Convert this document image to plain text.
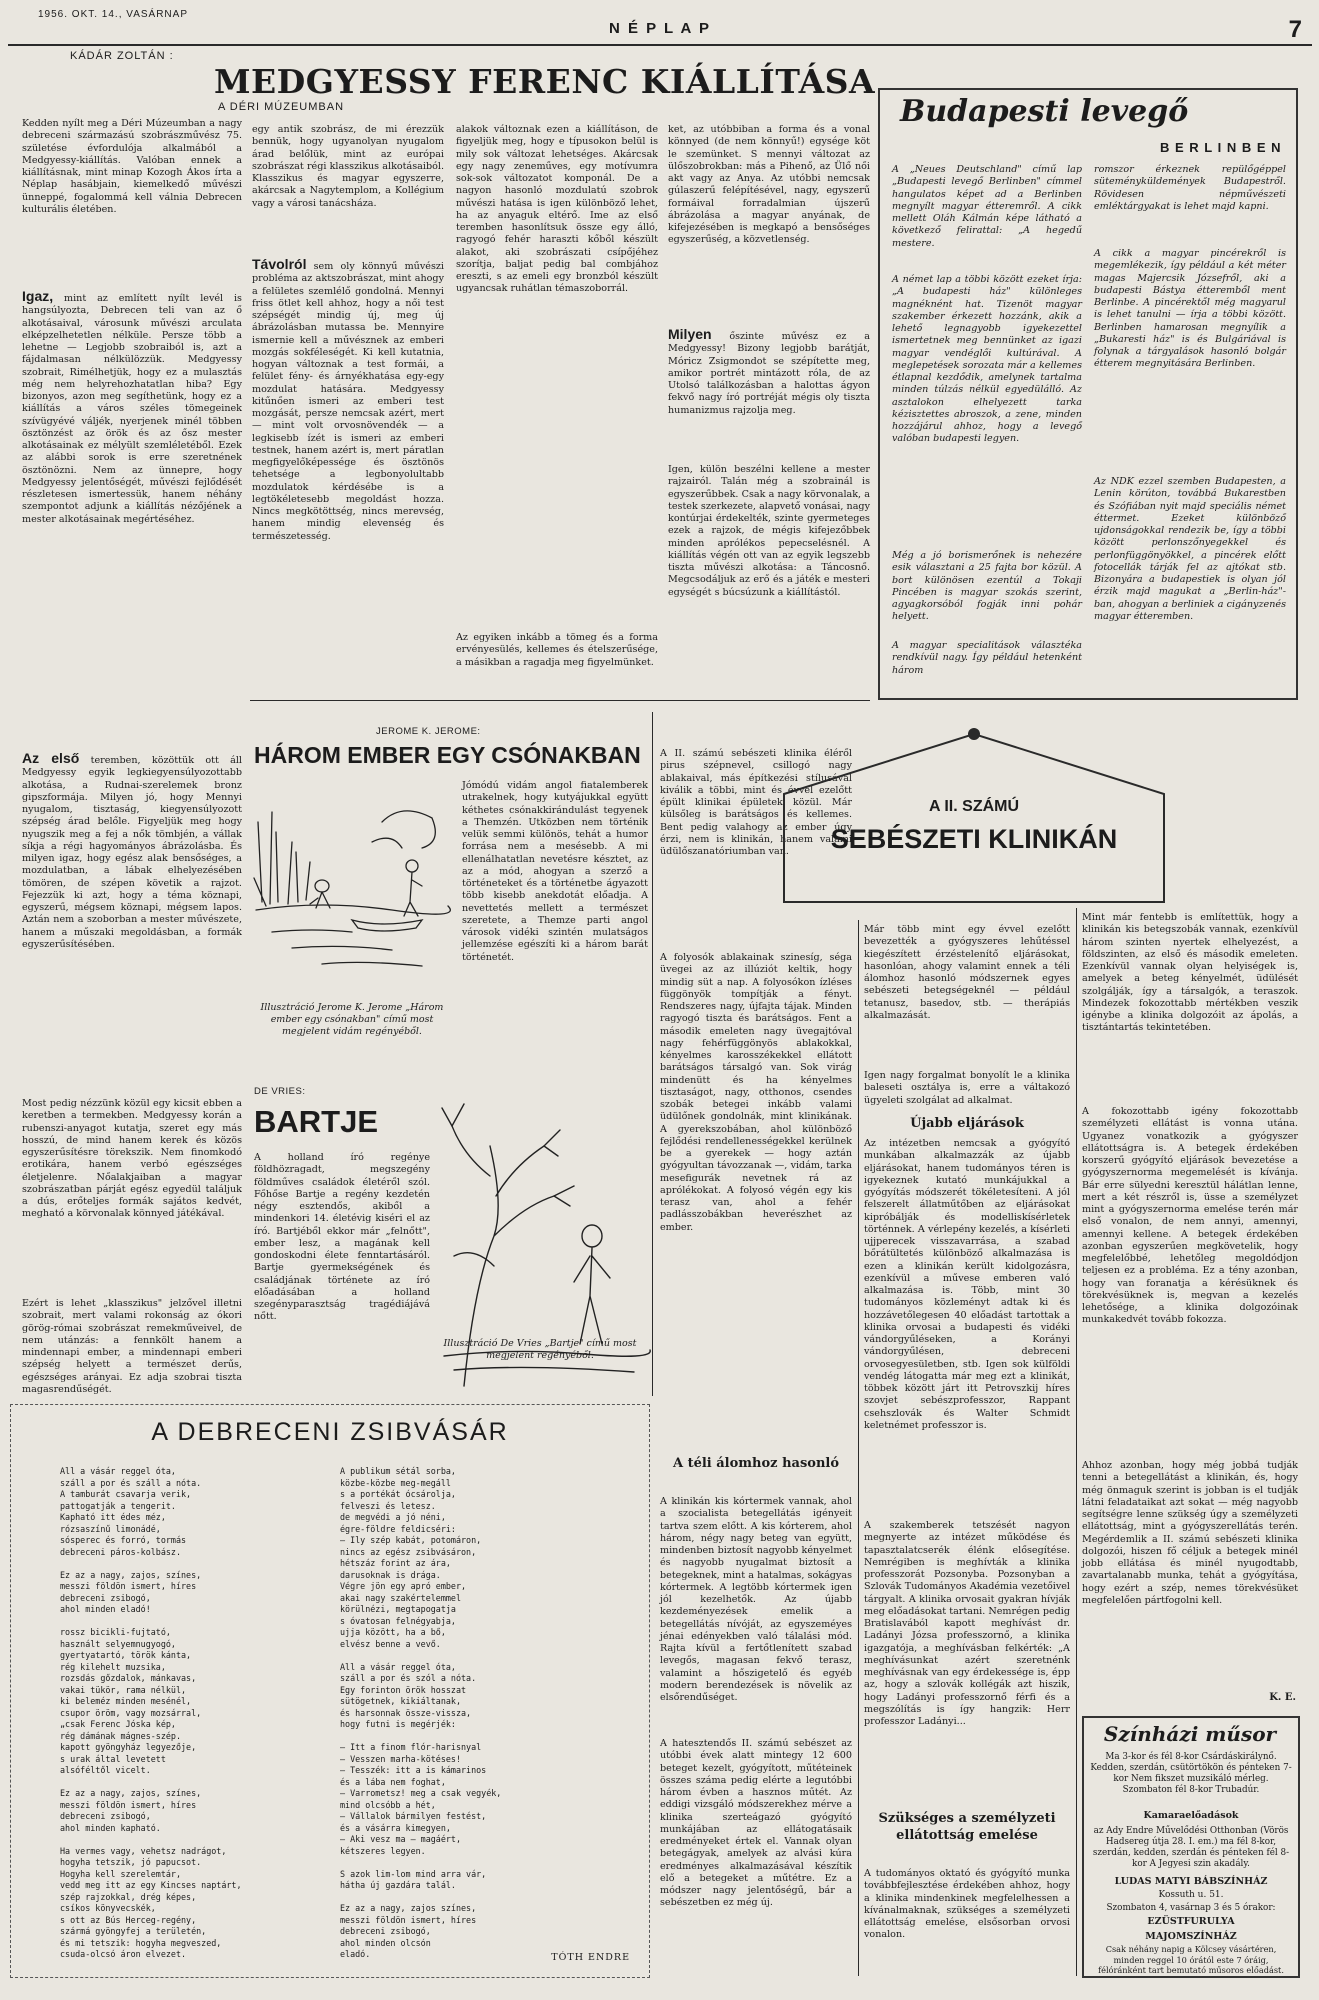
1956. OKT. 14., VASÁRNAP
N É P L A P	7
KÁDÁR ZOLTÁN :
MEDGYESSY FERENC KIÁLLÍTÁSA
A DÉRI MÚZEUMBAN
Kedden nyílt meg a Déri Múzeumban a nagy debreceni származású szobrászművész 75. születése évfordulója alkalmából a Medgyessy-kiállítás. Valóban ennek a kiállításnak, mint minap Kozogh Ákos írta a Néplap hasábjain, kiemelkedő művészi ünneppé, fogalommá kell válnia Debrecen kulturális életében.
Igaz, mint az említett nyílt levél is hangsúlyozta, Debrecen teli van az ő alkotásaival, városunk művészi arculata elképzelhetetlen nélküle. Persze több a lehetne — Legjobb szobraiból is, azt a fájdalmasan nélkülözzük. Medgyessy szobrait, Rimélhetjük, hogy ez a mulasztás még nem helyrehozhatatlan hiba? Egy bizonyos, azon meg segíthetünk, hogy ez a kiállítás a város széles tömegeinek szívügyévé váljék, nyerjenek minél többen ösztönzést az örök és az ősz mester alkotásainak ez mélyült szemléletéből. Ezek az alábbi sorok is erre szeretnének ösztönözni. Nem az ünnepre, hogy Medgyessy jelentőségét, művészi fejlődését részletesen ismertessük, hanem néhány szempontot adjunk a kiállítás nézőjének a mester alkotásainak megértéséhez.
Az első teremben, közöttük ott áll Medgyessy egyik legkiegyensúlyozottabb alkotása, a Rudnai-szerelemek bronz gipszformája. Milyen jó, hogy Mennyi nyugalom, tisztaság, kiegyensúlyozott szépség árad belőle. Figyeljük meg hogy nyugszik meg a fej a nők tömbjén, a vállak síkja a régi hagyományos ábrázolásba. És milyen igaz, hogy egész alak bensőséges, a mozdulatban, a lábak elhelyezésében tömören, de szépen követik a rajzot. Fejezzük ki azt, hogy a téma köznapi, egyszerű, mégsem köznapi, mégsem lapos. Aztán nem a szoborban a mester művészete, hanem a műszaki megoldásban, a formák egyszerűsítésében.
Most pedig nézzünk közül egy kicsit ebben a keretben a termekben. Medgyessy korán a rubenszi-anyagot kutatja, szeret egy más hosszú, de mind hanem kerek és közös egyszerűsítésre törekszik. Nem finomkodó erotikára, hanem verbó egészséges életjelenre. Nőalakjaiban a magyar szobrászatban párját egész egyedül találjuk a dús, erőteljes formák sajátos kedvét, megható a körvonalak könnyed játékával.
Ezért is lehet „klasszikus" jelzővel illetni szobrait, mert valami rokonság az ókori görög-római szobrászat remekműveivel, de nem utánzás: a fennkölt hanem a mindennapi ember, a mindennapi emberi szépség helyett a természet derűs, egészséges arányai. Ez adja szobrai tiszta magasrendűségét.
egy antik szobrász, de mi érezzük bennük, hogy ugyanolyan nyugalom árad belőlük, mint az európai szobrászat régi klasszikus alkotásaiból. Klasszikus és magyar egyszerre, akárcsak a Nagytemplom, a Kollégium vagy a városi tanácsháza.
Távolról sem oly könnyű művészi probléma az aktszobrászat, mint ahogy a felületes szemlélő gondolná. Mennyi friss ötlet kell ahhoz, hogy a női test szépségét mindig új, meg új ábrázolásban mutassa be. Mennyire ismernie kell a művésznek az emberi mozgás sokféleségét. Ki kell kutatnia, hogyan változnak a test formái, a felület fény- és árnyékhatása egy-egy mozdulat hatására. Medgyessy kitűnően ismeri az emberi test mozgását, persze nemcsak azért, mert — mint volt orvosnövendék — a legkisebb ízét is ismeri az emberi testnek, hanem azért is, mert páratlan megfigyelőképessége és ösztönös tehetsége a legbonyolultabb mozdulatok kérdésébe is a legtökéletesebb megoldást hozza. Nincs megkötöttség, nincs merevség, hanem mindig elevenség és természetesség.
alakok változnak ezen a kiállításon, de figyeljük meg, hogy e típusokon belül is mily sok változat lehetséges. Akárcsak egy nagy zeneműves, egy motívumra sok-sok változatot komponál. De a nagyon hasonló mozdulatú szobrok művészi hatása is igen különböző lehet, ha az anyaguk eltérő. Ime az első teremben hasonlítsuk össze egy álló, ragyogó fehér haraszti kőből készült alakot, aki szobrászati csípőjéhez szorítja, baljat pedig bal combjához ereszti, s az emeli egy bronzból készült ugyancsak ruhátlan témaszoborrál.
Az egyiken inkább a tömeg és a forma ervényesülés, kellemes és ételszerűsége, a másikban a ragadja meg figyelmünket.
ket, az utóbbiban a forma és a vonal könnyed (de nem könnyű!) egysége köt le szemünket. S mennyi változat az ülőszobrokban: más a Pihenő, az Ülő női akt vagy az Anya. Az utóbbi nemcsak gúlaszerű felépítésével, nagy, egyszerű formáival forradalmian újszerű ábrázolása a magyar anyának, de kifejezésében is megkapó a bensőséges egyszerűség, a közvetlenség.
Milyen őszinte művész ez a Medgyessy! Bizony legjobb barátját, Móricz Zsigmondot se szépítette meg, amikor portrét mintázott róla, de az Utolsó találkozásban a halottas ágyon fekvő nagy író portréját mégis oly tiszta humanizmus rajzolja meg.
Igen, külön beszélni kellene a mester rajzairól. Talán még a szobrainál is egyszerűbbek. Csak a nagy körvonalak, a testek szerkezete, alapvető vonásai, nagy kontúrjai érdekelték, szinte gyermeteges ezek a rajzok, de mégis kifejezőbbek minden aprólékos pepecselésnél. A kiállítás végén ott van az egyik legszebb tiszta művészi alkotása: a Táncosnő. Megcsodáljuk az erő és a játék e mesteri egységét s búcsúzunk a kiállítástól.
Budapesti levegő
B E R L I N B E N
A „Neues Deutschland" című lap „Budapesti levegő Berlinben" címmel hangulatos képet ad a Berlinben megnyílt magyar étteremről. A cikk mellett Oláh Kálmán képe látható a következő felirattal: „A hegedű mestere.
A német lap a többi között ezeket írja: „A budapesti ház" különleges magnéknént hat. Tizenöt magyar szakember érkezett hozzánk, akik a lehető legnagyobb igyekezettel ismertetnek meg bennünket az igazi magyar vendéglői kultúrával. A meglepetések sorozata már a kellemes étlapnal kezdődik, amelynek tartalma minden túlzás nélkül egyedülálló. Az asztalokon elhelyezett tarka kézisztettes abroszok, a zene, minden hozzájárul ahhoz, hogy a levegő valóban budapesti legyen.
Még a jó borismerőnek is nehezére esik választani a 25 fajta bor közül. A bort különösen ezentúl a Tokaji Pincében is magyar szokás szerint, agyagkorsóból fogják inni pohár helyett.
A magyar specialitások választéka rendkívül nagy. Így például hetenként három
romszor érkeznek repülőgéppel süteményküldemények Budapestről. Rövidesen népművészeti emléktárgyakat is lehet majd kapni.
A cikk a magyar pincérekről is megemlékezik, így például a két méter magas Majercsik Józsefről, aki a budapesti Bástya étteremből ment Berlinbe. A pincérektől még magyarul is lehet tanulni — írja a többi között. Berlinben hamarosan megnyílik a „Bukaresti ház" is és Bulgáriával is folynak a tárgyalások hasonló bolgár étterem megnyitására Berlinben.
Az NDK ezzel szemben Budapesten, a Lenin körúton, továbbá Bukarestben és Szófiában nyit majd speciális német éttermet. Ezeket különböző ujdonságokkal rendezik be, így a többi között perlonszőnyegekkel és perlonfüggönyökkel, a pincérek előtt fotocellák tárják fel az ajtókat stb. Bizonyára a budapestiek is olyan jól érzik majd magukat a „Berlin-ház"-ban, ahogyan a berliniek a cigányzenés magyar étteremben.
JEROME K. JEROME:
HÁROM EMBER EGY CSÓNAKBAN
Illusztráció Jerome K. Jerome „Három ember egy csónakban" című most megjelent vidám regényéből.
Jómódú vidám angol fiatalemberek utrakelnek, hogy kutyájukkal együtt kéthetes csónakkirándulást tegyenek a Themzén. Utközben nem történik velük semmi különös, tehát a humor forrása nem a mesésebb. A mi ellenálhatatlan nevetésre késztet, az az a mód, ahogyan a szerző a történeteket és a történetbe ágyazott több kisebb anekdotát előadja. A nevettetés mellett a természet szeretete, a Themze parti angol városok vidéki szintén mulatságos jellemzése egészíti ki a három barát történetét.
DE VRIES:
BARTJE
A holland író regénye földhözragadt, megszegény földműves családok életéről szól. Főhőse Bartje a regény kezdetén négy esztendős, akiből a mindenkori 14. életévig kiséri el az író. Bartjéből ekkor már „felnőtt", ember lesz, a magának kell gondoskodni élete fenntartásáról. Bartje gyermekségének és családjának története az író előadásában a holland szegényparasztság tragédiájává nőtt.
Illusztráció De Vries „Bartje" című most megjelent regényéből.
A II. számú sebészeti klinika éléről pirus szépnevel, csillogó nagy ablakaival, más építkezési stílusával kiválik a többi, mint és évvel ezelőtt épült klinikai épületek közül. Már külsőleg is barátságos és kellemes. Bent pedig valahogy az ember úgy érzi, nem is klinikán, hanem valami üdülőszanatóriumban van.
A II. SZÁMÚ
SEBÉSZETI KLINIKÁN
A folyosók ablakainak szinesíg, séga üvegei az az illúziót keltik, hogy mindig süt a nap. A folyosókon ízléses függönyök tompítják a fényt. Rendszeres nagy, újfajta tájak. Minden ragyogó tiszta és barátságos. Fent a második emeleten nagy üvegajtóval nagy fehérfüggönyös ablakokkal, kényelmes karosszékekkel ellátott barátságos társalgó van. Sok virág mindenütt és ha kényelmes tisztaságot, nagy, otthonos, csendes szobák betegei inkább valami üdülőnek gondolnák, mint klinikának. A gyerekszobában, ahol különböző fejlődési rendellenességekkel kerülnek be a gyerekek — hogy aztán gyógyultan távozzanak —, vidám, tarka mesefigurák nevetnek rá az aprólékokat. A folyosó végén egy kis terasz van, ahol a fehér padlásszobákban heverészhet az ember.
A téli álomhoz hasonló
A klinikán kis kórtermek vannak, ahol a szocialista betegellátás igényeit tartva szem előtt. A kis kórterem, ahol három, négy nagy beteg van együtt, mindenben biztosít nagyobb kényelmet és nagyobb nyugalmat biztosít a betegeknek, mint a hatalmas, sokágyas kórtermek. A legtöbb kórtermek igen jól kezelhetők. Az újabb kezdeményezések emelik a betegellátás nívóját, az egyszeméyes jénai edényekben való tálalási mód. Rajta kívül a fertőtlenített szabad levegős, magasan fekvő terasz, valamint a hőszigetelő és egyéb modern berendezések is növelik az elsőrendűséget.
A hatesztendős II. számú sebészet az utóbbi évek alatt mintegy 12 600 beteget kezelt, gyógyított, műtéteinek összes száma pedig elérte a legutóbbi három évben a hasznos műtét. Az eddigi vizsgáló módszerekhez mérve a klinika szerteágazó gyógyító munkájában az ellátogatásaik eredményeket értek el. Vannak olyan betegágyak, amelyek az alvási kúra eredményes alkalmazásával készítik elő a betegeket a műtétre. Ez a módszer nagy jelentőségű, bár a sebészetben ez még új.
Már több mint egy évvel ezelőtt bevezették a gyógyszeres lehűtéssel kiegészített érzéstelenítő eljárásokat, hasonlóan, ahogy valamint ennek a téli álomhoz hasonló módszernek egyes sebészeti betegségeknél — például tetanusz, basedov, stb. — therápiás alkalmazását.
Igen nagy forgalmat bonyolít le a klinika baleseti osztálya is, erre a váltakozó ügyeleti szolgálat ad alkalmat.
Újabb eljárások
Az intézetben nemcsak a gyógyító munkában alkalmazzák az újabb eljárásokat, hanem tudományos téren is igyekeznek kutató munkájukkal a gyógyítás módszerét tökéletesíteni. A jól felszerelt állatműtőben az eljárásokat kipróbálják és modelliskísérletek történnek. A vérlepény kezelés, a kísérleti ujjperecek visszavarrása, a szabad bőrátültetés különböző alkalmazása is ezen a klinikán került kidolgozásra, ezenkívül a művese emberen való alkalmazása is. Több, mint 30 tudományos közleményt adtak ki és hozzávetőlegesen 40 előadást tartottak a klinika orvosai a budapesti és vidéki vándorgyűléseken, a Korányi vándorgyűlésen, debreceni orvosegyesületben, stb. Igen sok külföldi vendég látogatta már meg ezt a klinikát, többek között járt itt Petrovszkij híres szovjet sebészprofesszor, Rappant csehszlovák és Walter Schmidt keletnémet professzor is.
A szakemberek tetszését nagyon megnyerte az intézet működése és tapasztalatcserék élénk elősegítése. Nemrégiben is meghívták a klinika professzorát Pozsonyba. Pozsonyban a Szlovák Tudományos Akadémia vezetőivel tárgyalt. A klinika orvosait gyakran hívják meg előadásokat tartani. Nemrégen pedig Bratislavából kapott meghívást dr. Ladányi Józsa professzornő, a klinika igazgatója, a meghívásban felkérték: „A meghívásunkat azért szeretnénk meghívásnak van egy érdekessége is, épp az, hogy a szlovák kollégák azt hiszik, hogy Ladányi professzornő férfi és a megszólítás is így hangzik: Herr professzor Ladányi...
Szükséges a személyzeti ellátottság emelése
A tudományos oktató és gyógyító munka továbbfejlesztése érdekében ahhoz, hogy a klinika mindenkinek megfelelhessen a kívánalmaknak, szükséges a személyzeti ellátottság emelése, elsősorban orvosi vonalon.
Mint már fentebb is említettük, hogy a klinikán kis betegszobák vannak, ezenkívül három szinten nyertek elhelyezést, a földszinten, az első és második emeleten. Ezenkívül vannak olyan helyiségek is, amelyek a beteg kényelmét, üdülését szolgálják, így a társalgók, a teraszok. Mindezek fokozottabb mértékben veszik igénybe a klinika dolgozóit az ápolás, a tisztántartás tekintetében.
A fokozottabb igény fokozottabb személyzeti ellátást is vonna utána. Ugyanez vonatkozik a gyógyszer ellátottságra is. A betegek érdekében korszerű gyógyító eljárások bevezetése a gyógyszernorma megemelését is kívánja. Bár erre sülyedni keresztül hálátlan lenne, mert a két részről is, üsse a személyzet mint a gyógyszernorma emelése terén már első vonalon, de nem annyi, amennyi, amennyi kellene. A betegek érdekében azonban egyszerűen megkövetelik, hogy megfelelőbbé, lehetőleg megoldódjon teljesen ez a probléma. Ez a tény azonban, hogy van foranatja a kérésüknek és törekvésüknek is, megvan a kezelés lehetősége, a klinika dolgozóinak munkakedvét tovább fokozza.
Ahhoz azonban, hogy még jobbá tudják tenni a betegellátást a klinikán, és, hogy még önmaguk szerint is jobban is el tudják látni feladataikat azt sokat — még nagyobb segítségre lenne szükség úgy a személyzeti ellátottság, mint a gyógyszerellátás terén. Megérdemlik a II. számú sebészeti klinika dolgozói, hiszen fő céljuk a betegek minél jobb ellátása és minél nyugodtabb, zavartalanabb munka, tehát a gyógyítása, hogy ezért a szép, nemes törekvésüket megfelelően pártfogolni kell.
K. E.
A DEBRECENI ZSIBVÁSÁR
All a vásár reggel óta,
száll a por és száll a nóta.
A tamburát csavarja verik,
pattogatják a tengerit.
Kapható itt édes méz,
rózsaszínű limonádé,
sósperec és forró, tormás
debreceni páros-kolbász.

Ez az a nagy, zajos, színes,
messzi földön ismert, híres
debreceni zsibogó,
ahol minden eladó!

rossz bicikli-fujtató,
használt selyemnugyogó,
gyertyatartó, török kánta,
rég kilehelt muzsika,
rozsdás gőzdalok, mánkavas,
vakai tükör, rama nélkül,
ki beleméz minden mesénél,
csupor öröm, vagy mozsárral,
„csak Ferenc Jóska kép,
rég dámának mágnes-szép.
kapott gyöngyház legyezője,
s urak által levetett
alsóféltől vicelt.

Ez az a nagy, zajos, színes,
messzi földön ismert, híres
debreceni zsibogó,
ahol minden kapható.

Ha vermes vagy, vehetsz nadrágot,
hogyha tetszik, jó papucsot.
Hogyha kell szerelemtár,
vedd meg itt az egy Kincses naptárt,
szép rajzokkal, drég képes,
csíkos könyvecskék,
s ott az Bús Herceg-regény,
szármá gyöngyfej a területén,
és mi tetszik: hogyha megveszed,
csuda-olcsó áron elvezet.
A publikum sétál sorba,
közbe-közbe meg-megáll
s a portékát ócsárolja,
felveszi és letesz.
de megvédi a jó néni,
égre-földre feldicséri:
— Ily szép kabát, potomáron,
nincs az egész zsibvásáron,
hétszáz forint az ára,
darusoknak is drága.
Végre jön egy apró ember,
akai nagy szakértelemmel
körülnézi, megtapogatja
s óvatosan felnégyabja,
ujja között, ha a bő,
elvész benne a vevő.

All a vásár reggel óta,
száll a por és szól a nóta.
Egy forinton örök hosszat
sütögetnek, kikiáltanak,
és harsonnak össze-vissza,
hogy futni is megérjék:

— Itt a finom flór-harisnyal
— Vesszen marha-kötéses!
— Tesszék: itt a is kámarinos
és a lába nem foghat,
— Varrometsz! meg a csak vegyék,
mind olcsóbb a hét,
— Vállalok bármilyen festést,
és a vásárra kimegyen,
— Aki vesz ma — magáért,
kétszeres legyen.

S azok lim-lom mind arra vár,
hátha új gazdára talál.

Ez az a nagy, zajos színes,
messzi földön ismert, híres
debreceni zsibogó,
ahol minden olcsón
eladó.	TÓTH ENDRE
Színházi műsor
Ma 3-kor és fél 8-kor Csárdáskirálynő. Kedden, szerdán, csütörtökön és pénteken 7-kor Nem fikszet muzsikáló mérleg. Szombaton fél 8-kor Trubadúr.
Kamaraelőadások
az Ady Endre Művelődési Otthonban (Vörös Hadsereg útja 28. I. em.) ma fél 8-kor, szerdán, kedden, szerdán és pénteken fél 8-kor A Jegyesi szin akadály.
LUDAS MATYI BÁBSZÍNHÁZ
Kossuth u. 51.
Szombaton 4, vasárnap 3 és 5 órakor:
EZÜSTFURULYA
MAJOMSZÍNHÁZ
Csak néhány napig a Kölcsey vásártéren, minden reggel 10 órától este 7 óráig, félóránként tart bemutató műsoros előadást.
